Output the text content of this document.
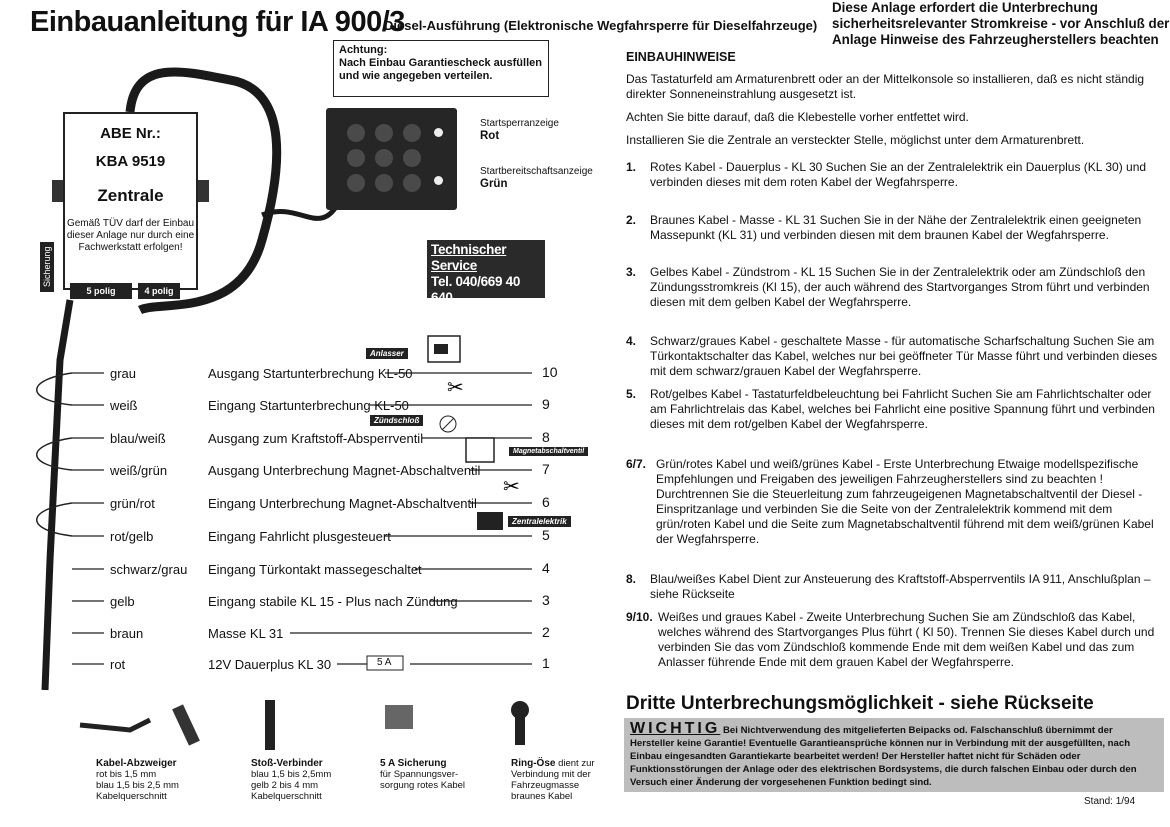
Einbauanleitung für IA 900/3
Diesel-Ausführung (Elektronische Wegfahrsperre für Dieselfahrzeuge)
Diese Anlage erfordert die Unterbrechung sicherheitsrelevanter Stromkreise - vor Anschluß der Anlage Hinweise des Fahrzeugherstellers beachten
✂
✂
Achtung:
Nach Einbau Garantiescheck ausfüllen und wie angegeben verteilen.
ABE Nr.:
KBA 9519
Zentrale
Gemäß TÜV darf der Einbau dieser Anlage nur durch eine Fachwerkstatt erfolgen!
Sicherung
5 polig	4 polig
Startsperranzeige
Rot
Startbereitschaftsanzeige
Grün
Technischer Service
Tel. 040/669 40 640
Fax 040/669 40 699
Anlasser
Zündschloß
Magnetabschaltventil
Zentralelektrik
5 A
grau	Ausgang Startunterbrechung KL-50	10
weiß	Eingang Startunterbrechung KL-50	9
blau/weiß	Ausgang zum Kraftstoff-Absperrventil	8
weiß/grün	Ausgang Unterbrechung Magnet-Abschaltventil	7
grün/rot	Eingang Unterbrechung Magnet-Abschaltventil	6
rot/gelb	Eingang Fahrlicht plusgesteuert	5
schwarz/grau Eingang Türkontakt massegeschaltet	4
gelb	Eingang stabile KL 15 - Plus nach Zündung	3
braun	Masse KL 31	2
rot	12V Dauerplus KL 30	1
Kabel-Abzweiger
rot bis 1,5 mm
blau 1,5 bis 2,5 mm
Kabelquerschnitt
Stoß-Verbinder
blau 1,5 bis 2,5mm
gelb 2 bis 4 mm
Kabelquerschnitt
5 A Sicherung
für Spannungsver-
sorgung rotes Kabel
Ring-Öse dient zur Verbindung mit der Fahrzeugmasse braunes Kabel
EINBAUHINWEISE
Das Tastaturfeld am Armaturenbrett oder an der Mittelkonsole so installieren, daß es nicht ständig direkter Sonneneinstrahlung ausgesetzt ist.
Achten Sie bitte darauf, daß die Klebestelle vorher entfettet wird.
Installieren Sie die Zentrale an versteckter Stelle, möglichst unter dem Armaturenbrett.
1. Rotes Kabel - Dauerplus - KL 30 Suchen Sie an der Zentralelektrik ein Dauerplus (KL 30) und verbinden dieses mit dem roten Kabel der Wegfahrsperre.
2. Braunes Kabel - Masse - KL 31 Suchen Sie in der Nähe der Zentralelektrik einen geeigneten Massepunkt (KL 31) und verbinden diesen mit dem braunen Kabel der Wegfahrsperre.
3. Gelbes Kabel - Zündstrom - KL 15 Suchen Sie in der Zentralelektrik oder am Zündschloß den Zündungsstromkreis (Kl 15), der auch während des Startvorganges Strom führt und verbinden diesen mit dem gelben Kabel der Wegfahrsperre.
4. Schwarz/graues Kabel - geschaltete Masse - für automatische Scharfschaltung Suchen Sie am Türkontaktschalter das Kabel, welches nur bei geöffneter Tür Masse führt und verbinden dieses mit dem schwarz/grauen Kabel der Wegfahrsperre.
5. Rot/gelbes Kabel - Tastaturfeldbeleuchtung bei Fahrlicht Suchen Sie am Fahrlichtschalter oder am Fahrlichtrelais das Kabel, welches bei Fahrlicht eine positive Spannung führt und verbinden dieses mit dem rot/gelben Kabel der Wegfahrsperre.
6/7. Grün/rotes Kabel und weiß/grünes Kabel - Erste Unterbrechung Etwaige modellspezifische Empfehlungen und Freigaben des jeweiligen Fahrzeugherstellers sind zu beachten ! Durchtrennen Sie die Steuerleitung zum fahrzeugeigenen Magnetabschaltventil der Diesel - Einspritzanlage und verbinden Sie die Seite von der Zentralelektrik kommend mit dem grün/roten Kabel und die Seite zum Magnetabschaltventil führend mit dem weiß/grünen Kabel der Wegfahrsperre.
8. Blau/weißes Kabel Dient zur Ansteuerung des Kraftstoff-Absperrventils IA 911, Anschlußplan – siehe Rückseite
9/10. Weißes und graues Kabel - Zweite Unterbrechung Suchen Sie am Zündschloß das Kabel, welches während des Startvorganges Plus führt ( Kl 50). Trennen Sie dieses Kabel durch und verbinden Sie das vom Zündschloß kommende Ende mit dem weißen Kabel und das zum Anlasser führende Ende mit dem grauen Kabel der Wegfahrsperre.
Dritte Unterbrechungsmöglichkeit - siehe Rückseite
WICHTIG Bei Nichtverwendung des mitgelieferten Beipacks od. Falschanschluß übernimmt der Hersteller keine Garantie! Eventuelle Garantieansprüche können nur in Verbindung mit der ausgefüllten, nach Einbau eingesandten Garantiekarte bearbeitet werden! Der Hersteller haftet nicht für Schäden oder Funktionsstörungen der Anlage oder des elektrischen Bordsystems, die durch falschen Einbau oder durch den Versuch einer Änderung der vorgesehenen Funktion bedingt sind.
Stand: 1/94
